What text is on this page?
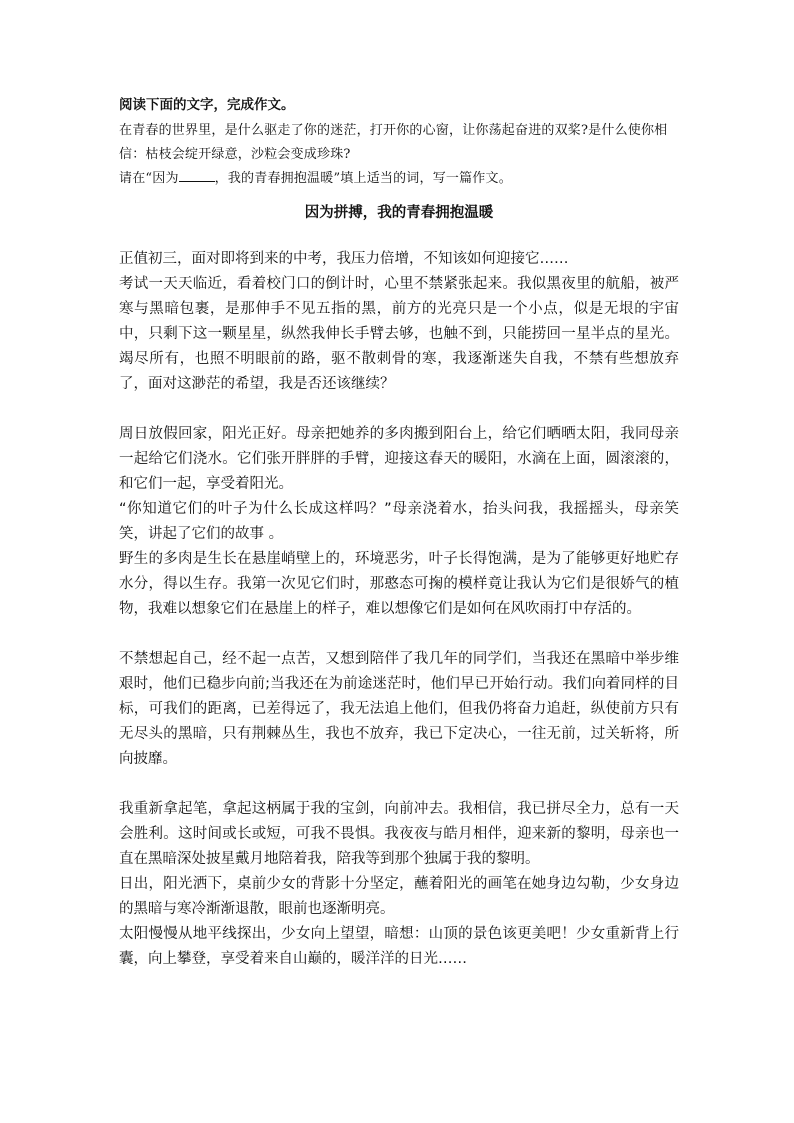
阅读下面的文字，完成作文。

在青春的世界里，是什么驱走了你的迷茫，打开你的心窗，让你荡起奋进的双桨?是什么使你相信：枯枝会绽开绿意，沙粒会变成珍珠?

请在“因为	，我的青春拥抱温暖”填上适当的词，写一篇作文。

因为拼搏，我的青春拥抱温暖

正值初三，面对即将到来的中考，我压力倍增，不知该如何迎接它……

考试一天天临近，看着校门口的倒计时，心里不禁紧张起来。我似黑夜里的航船，被严寒与黑暗包裹，是那伸手不见五指的黑，前方的光亮只是一个小点，似是无垠的宇宙中，只剩下这一颗星星，纵然我伸长手臂去够，也触不到，只能捞回一星半点的星光。竭尽所有，也照不明眼前的路，驱不散刺骨的寒，我逐渐迷失自我，不禁有些想放弃了，面对这渺茫的希望，我是否还该继续？

周日放假回家，阳光正好。母亲把她养的多肉搬到阳台上，给它们晒晒太阳，我同母亲一起给它们浇水。它们张开胖胖的手臂，迎接这春天的暖阳，水滴在上面，圆滚滚的，和它们一起，享受着阳光。

“你知道它们的叶子为什么长成这样吗？”母亲浇着水，抬头问我，我摇摇头，母亲笑笑，讲起了它们的故事 。

野生的多肉是生长在悬崖峭壁上的，环境恶劣，叶子长得饱满，是为了能够更好地贮存水分，得以生存。我第一次见它们时，那憨态可掬的模样竟让我认为它们是很娇气的植物，我难以想象它们在悬崖上的样子，难以想像它们是如何在风吹雨打中存活的。

不禁想起自己，经不起一点苦，又想到陪伴了我几年的同学们，当我还在黑暗中举步维艰时，他们已稳步向前;当我还在为前途迷茫时，他们早已开始行动。我们向着同样的目标，可我们的距离，已差得远了，我无法追上他们，但我仍将奋力追赶，纵使前方只有无尽头的黑暗，只有荆棘丛生，我也不放弃，我已下定决心，一往无前，过关斩将，所向披靡。

我重新拿起笔，拿起这柄属于我的宝剑，向前冲去。我相信，我已拼尽全力，总有一天会胜利。这时间或长或短，可我不畏惧。我夜夜与皓月相伴，迎来新的黎明，母亲也一直在黑暗深处披星戴月地陪着我，陪我等到那个独属于我的黎明。

日出，阳光洒下，桌前少女的背影十分坚定，蘸着阳光的画笔在她身边勾勒，少女身边的黑暗与寒冷渐渐退散，眼前也逐渐明亮。

太阳慢慢从地平线探出，少女向上望望，暗想：山顶的景色该更美吧！少女重新背上行囊，向上攀登，享受着来自山巅的，暖洋洋的日光……
